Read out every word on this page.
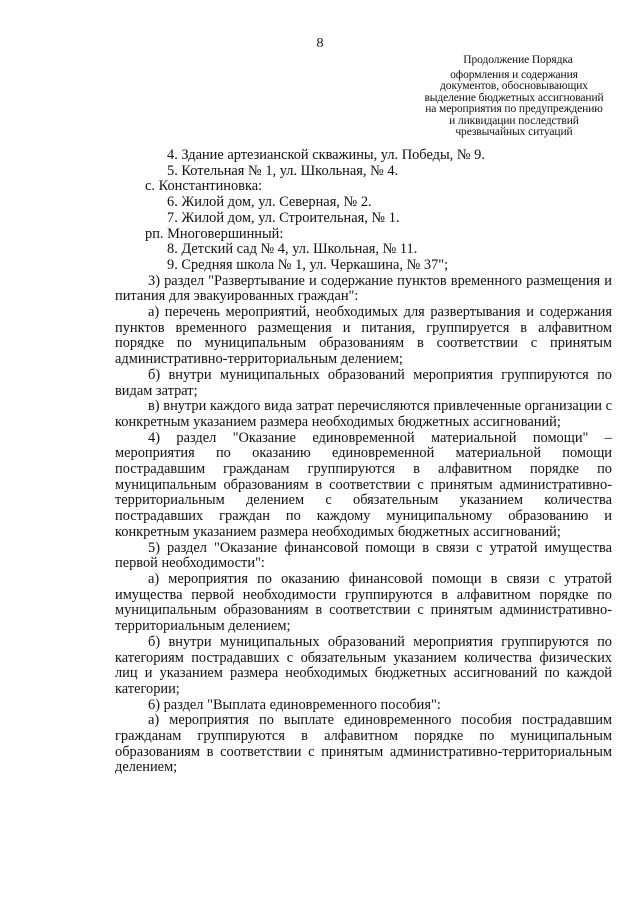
8
Продолжение Порядка
оформления и содержания
документов, обосновывающих
выделение бюджетных ассигнований
на мероприятия по предупреждению
и ликвидации последствий
чрезвычайных ситуаций

4. Здание артезианской скважины, ул. Победы, № 9.

5. Котельная № 1, ул. Школьная, № 4.

с. Константиновка:

6. Жилой дом, ул. Северная, № 2.

7. Жилой дом, ул. Строительная, № 1.

рп. Многовершинный:

8. Детский сад № 4, ул. Школьная, № 11.

9. Средняя школа № 1, ул. Черкашина, № 37";

3) раздел "Развертывание и содержание пунктов временного размещения и питания для эвакуированных граждан":

а) перечень мероприятий, необходимых для развертывания и содержания пунктов временного размещения и питания, группируется в алфавитном порядке по муниципальным образованиям в соответствии с принятым административно-территориальным делением;

б) внутри муниципальных образований мероприятия группируются по видам затрат;

в) внутри каждого вида затрат перечисляются привлеченные организации с конкретным указанием размера необходимых бюджетных ассигнований;

4) раздел "Оказание единовременной материальной помощи" – мероприятия по оказанию единовременной материальной помощи пострадавшим гражданам группируются в алфавитном порядке по муниципальным образованиям в соответствии с принятым административно-территориальным делением с обязательным указанием количества пострадавших граждан по каждому муниципальному образованию и конкретным указанием размера необходимых бюджетных ассигнований;

5) раздел "Оказание финансовой помощи в связи с утратой имущества первой необходимости":

а) мероприятия по оказанию финансовой помощи в связи с утратой имущества первой необходимости группируются в алфавитном порядке по муниципальным образованиям в соответствии с принятым административно-территориальным делением;

б) внутри муниципальных образований мероприятия группируются по категориям пострадавших с обязательным указанием количества физических лиц и указанием размера необходимых бюджетных ассигнований по каждой категории;

6) раздел "Выплата единовременного пособия":

а) мероприятия по выплате единовременного пособия пострадавшим гражданам группируются в алфавитном порядке по муниципальным образованиям в соответствии с принятым административно-территориальным делением;
